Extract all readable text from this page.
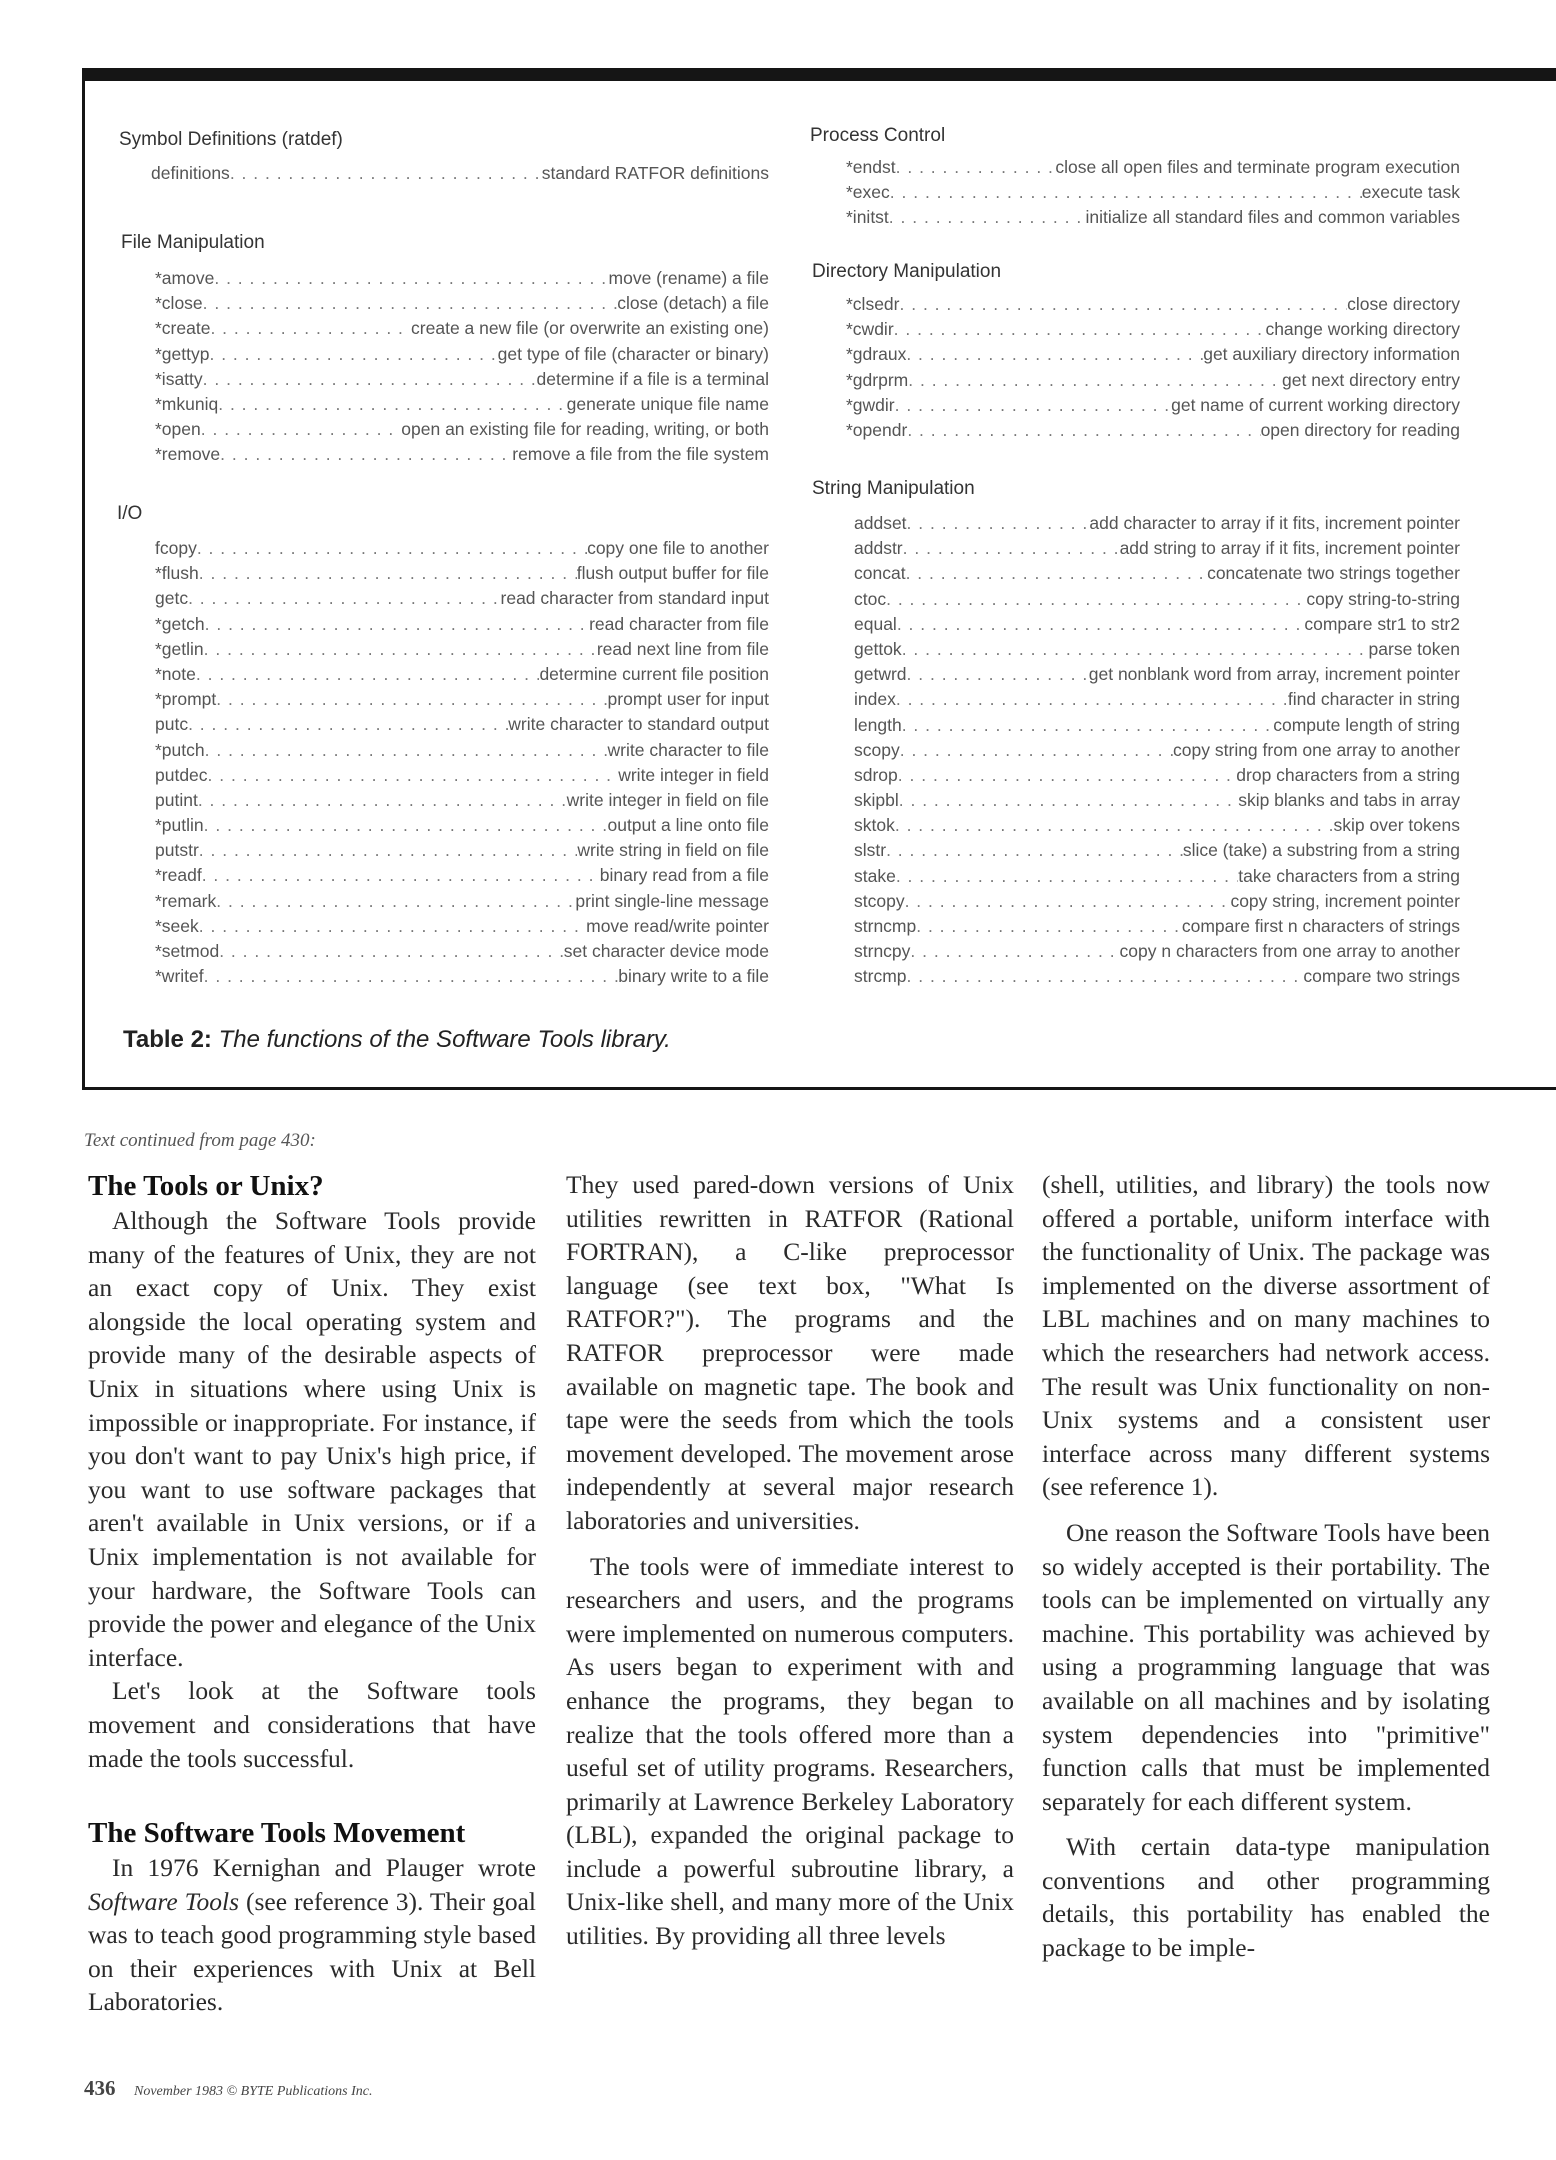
Symbol Definitions (ratdef)
definitions . . .	standard RATFOR definitions
File Manipulation
*amove . . .	move (rename) a file
*close . . .	close (detach) a file
*create . . .	create a new file (or overwrite an existing one)
*gettyp . . .	get type of file (character or binary)
*isatty . . .	determine if a file is a terminal
*mkuniq . . .	generate unique file name
*open . . .	open an existing file for reading, writing, or both
*remove . . .	remove a file from the file system
I/O
fcopy . . .	copy one file to another
*flush . . .	flush output buffer for file
getc . . .	read character from standard input
*getch . . .	read character from file
*getlin . . .	read next line from file
*note . . .	determine current file position
*prompt . . .	prompt user for input
putc . . .	write character to standard output
*putch . . .	write character to file
putdec . . .	write integer in field
putint . . .	write integer in field on file
*putlin . . .	output a line onto file
putstr . . .	write string in field on file
*readf . . .	binary read from a file
*remark . . .	print single-line message
*seek . . .	move read/write pointer
*setmod . . .	set character device mode
*writef . . .	binary write to a file
Process Control
*endst . . .	close all open files and terminate program execution
*exec . . .	execute task
*initst . . .	initialize all standard files and common variables
Directory Manipulation
*clsedr . . .	close directory
*cwdir . . .	change working directory
*gdraux . . .	get auxiliary directory information
*gdrprm . . .	get next directory entry
*gwdir . . .	get name of current working directory
*opendr . . .	open directory for reading
String Manipulation
addset . . .	add character to array if it fits, increment pointer
addstr . . .	add string to array if it fits, increment pointer
concat . . .	concatenate two strings together
ctoc . . .	copy string-to-string
equal . . .	compare str1 to str2
gettok . . .	parse token
getwrd . . .	get nonblank word from array, increment pointer
index . . .	find character in string
length . . .	compute length of string
scopy . . .	copy string from one array to another
sdrop . . .	drop characters from a string
skipbl . . .	skip blanks and tabs in array
sktok . . .	skip over tokens
slstr . . .	slice (take) a substring from a string
stake . . .	take characters from a string
stcopy . . .	copy string, increment pointer
strncmp . . .	compare first n characters of strings
strncpy . . .	copy n characters from one array to another
strcmp . . .	compare two strings
Table 2: The functions of the Software Tools library.
Text continued from page 430:
The Tools or Unix?

Although the Software Tools provide many of the features of Unix, they are not an exact copy of Unix. They exist alongside the local operating system and provide many of the desirable aspects of Unix in situations where using Unix is impossible or inappropriate. For instance, if you don't want to pay Unix's high price, if you want to use software packages that aren't available in Unix versions, or if a Unix implementation is not available for your hardware, the Software Tools can provide the power and elegance of the Unix interface.

Let's look at the Software tools movement and considerations that have made the tools successful.

The Software Tools Movement

In 1976 Kernighan and Plauger wrote Software Tools (see reference 3). Their goal was to teach good programming style based on their experiences with Unix at Bell Laboratories.

They used pared-down versions of Unix utilities rewritten in RATFOR (Rational FORTRAN), a C-like preprocessor language (see text box, "What Is RATFOR?"). The programs and the RATFOR preprocessor were made available on magnetic tape. The book and tape were the seeds from which the tools movement developed. The movement arose independently at several major research laboratories and universities.

The tools were of immediate interest to researchers and users, and the programs were implemented on numerous computers. As users began to experiment with and enhance the programs, they began to realize that the tools offered more than a useful set of utility programs. Researchers, primarily at Lawrence Berkeley Laboratory (LBL), expanded the original package to include a powerful subroutine library, a Unix-like shell, and many more of the Unix utilities. By providing all three levels

(shell, utilities, and library) the tools now offered a portable, uniform interface with the functionality of Unix. The package was implemented on the diverse assortment of LBL machines and on many machines to which the researchers had network access. The result was Unix functionality on non-Unix systems and a consistent user interface across many different systems (see reference 1).

One reason the Software Tools have been so widely accepted is their portability. The tools can be implemented on virtually any machine. This portability was achieved by using a programming language that was available on all machines and by isolating system dependencies into "primitive" function calls that must be implemented separately for each different system.

With certain data-type manipulation conventions and other programming details, this portability has enabled the package to be imple-

436 November 1983 © BYTE Publications Inc.
